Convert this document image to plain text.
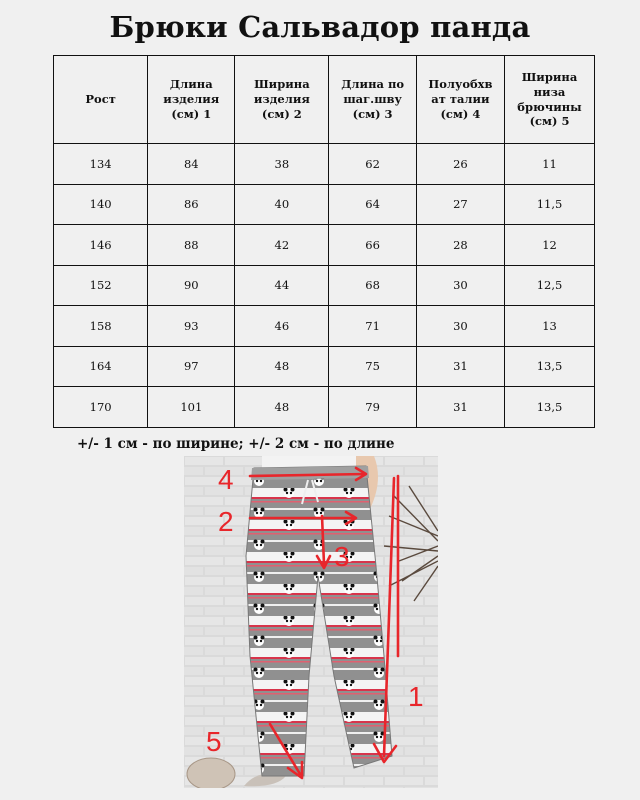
Брюки Сальвадор панда
Рост	Длина
изделия
(см) 1	Ширина
изделия
(см) 2	Длина по
шаг.шву
(см) 3	Полуобхв
ат талии
(см) 4	Ширина
низа
брючины
(см) 5
134	84	38	62	26	11
140	86	40	64	27	11,5
146	88	42	66	28	12
152	90	44	68	30	12,5
158	93	46	71	30	13
164	97	48	75	31	13,5
170	101	48	79	31	13,5
+/- 1 см - по ширине; +/- 2 см - по длине
4
2
3
1
5
